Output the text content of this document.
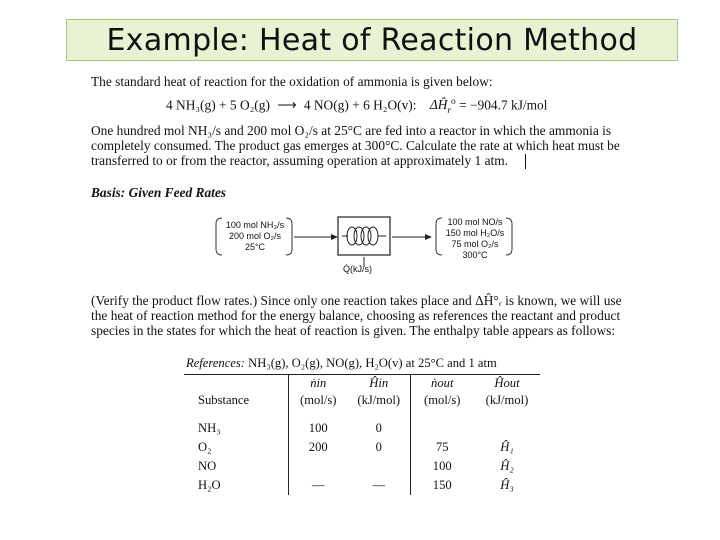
Example: Heat of Reaction Method
The standard heat of reaction for the oxidation of ammonia is given below:
4 NH₃(g) + 5 O₂(g) ⟶ 4 NO(g) + 6 H₂O(v): $\Delta Ĥ_r^o = -904.7$ kJ/mol
One hundred mol NH₃/s and 200 mol O₂/s at 25°C are fed into a reactor in which the ammonia is
completely consumed. The product gas emerges at 300°C. Calculate the rate at which heat must be
transferred to or from the reactor, assuming operation at approximately 1 atm.
Basis: Given Feed Rates
100 mol NH₃/s
200 mol O₂/s
25°C
100 mol NO/s
150 mol H₂O/s
75 mol O₂/s
300°C
Q̇(kJ/s)
(Verify the product flow rates.) Since only one reaction takes place and ΔĤ°ᵣ is known, we will use
the heat of reaction method for the energy balance, choosing as references the reactant and product
species in the states for which the heat of reaction is given. The enthalpy table appears as follows:
References: NH₃(g), O₂(g), NO(g), H₂O(v) at 25°C and 1 atm
	ṅin	Ĥin	ṅout	Ĥout
Substance	(mol/s)	(kJ/mol)	(mol/s)	(kJ/mol)
NH₃	100	0		
O₂	200	0	75	Ĥ₁
NO			100	Ĥ₂
H₂O	—	—	150	Ĥ₃
